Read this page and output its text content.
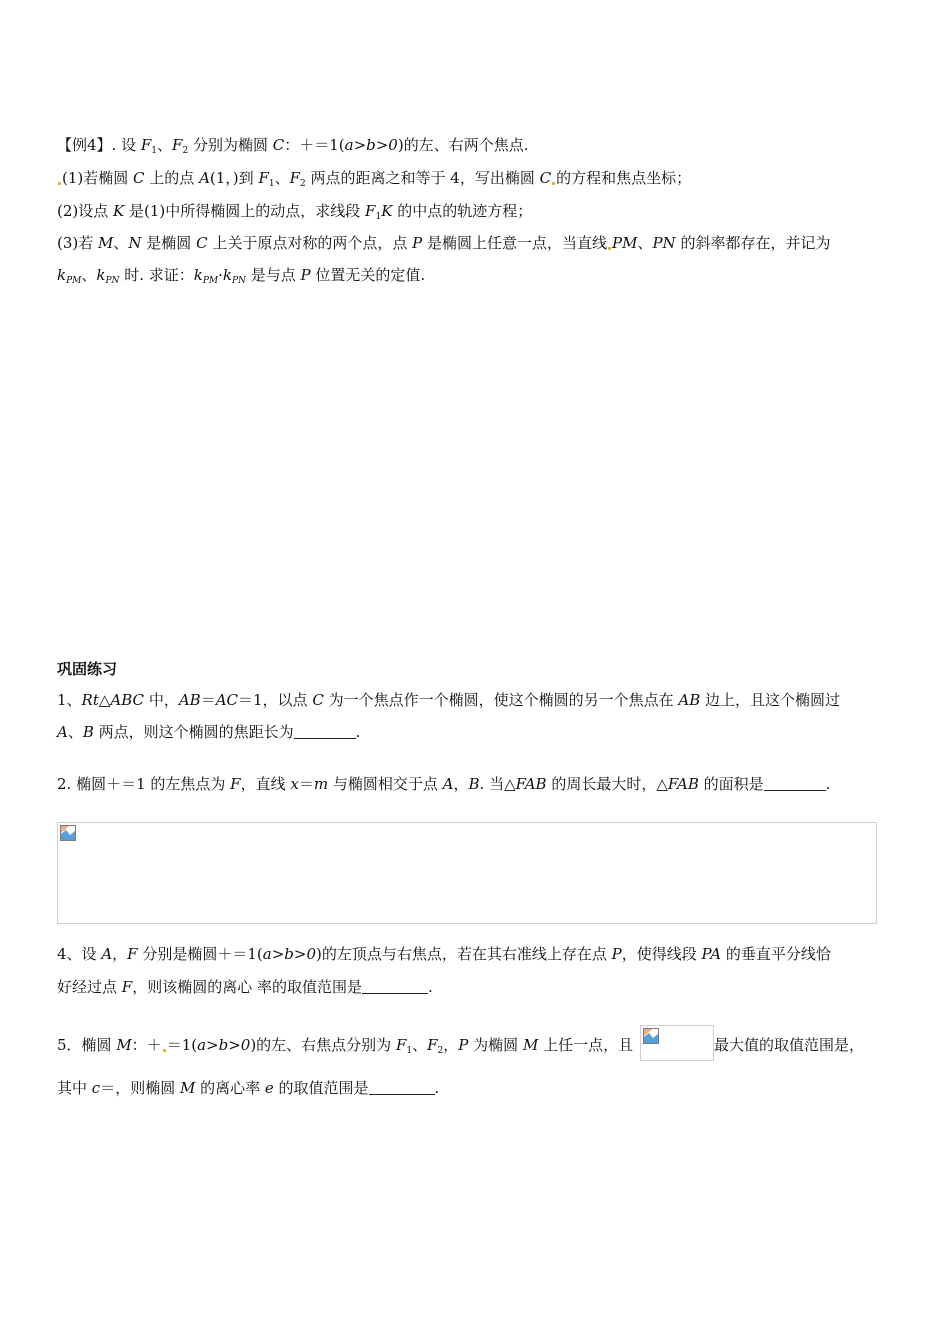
【例4】. 设 $F_1$、$F_2$ 分别为椭圆 C：＋＝1(a>b>0)的左、右两个焦点.
(1)若椭圆 C 上的点 A(1，)到 $F_1$、$F_2$ 两点的距离之和等于 4，写出椭圆 C 的方程和焦点坐标；
(2)设点 K 是(1)中所得椭圆上的动点，求线段 $F_1K$ 的中点的轨迹方程；
(3)若 M、N 是椭圆 C 上关于原点对称的两个点，点 P 是椭圆上任意一点，当直线 PM、PN 的斜率都存在，并记为
$k_{PM}$、$k_{PN}$ 时. 求证：$k_{PM}\cdot k_{PN}$ 是与点 P 位置无关的定值.
巩固练习
1、Rt△ABC 中，AB＝AC＝1，以点 C 为一个焦点作一个椭圆，使这个椭圆的另一个焦点在 AB 边上，且这个椭圆过
A、B 两点，则这个椭圆的焦距长为	.
2. 椭圆＋＝1 的左焦点为 F，直线 x＝m 与椭圆相交于点 A，B. 当△FAB 的周长最大时，△FAB 的面积是	.
4、设 A，F 分别是椭圆＋＝1(a>b>0)的左顶点与右焦点，若在其右准线上存在点 P，使得线段 PA 的垂直平分线恰
好经过点 F，则该椭圆的离心 率的取值范围是	.
5．椭圆 M：＋ ＝1(a>b>0)的左、右焦点分别为 $F_1$、$F_2$，P 为椭圆 M 上任一点，且	最大值的取值范围是，
其中 c＝，则椭圆 M 的离心率 e 的取值范围是	.
